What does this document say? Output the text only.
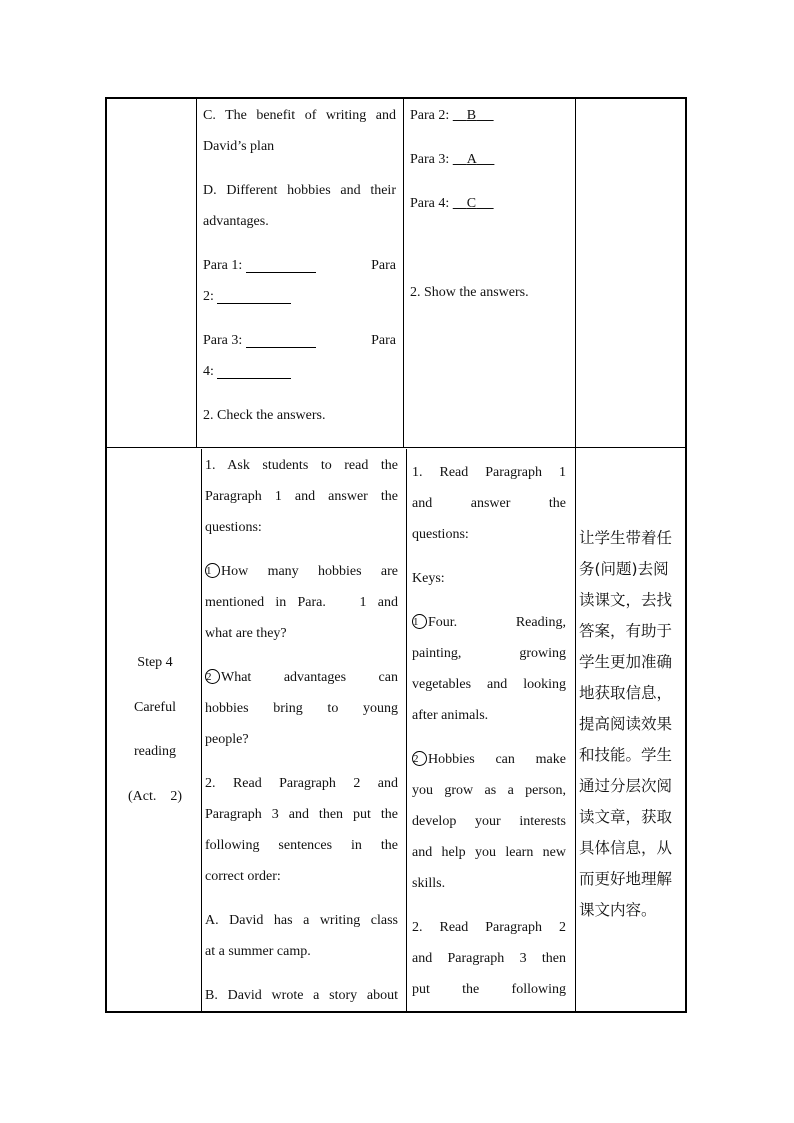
C. The benefit of writing and
David’s plan
D. Different hobbies and their
advantages.
Para 1:	Para
2:
Para 3:	Para
4:
2. Check the answers.
Para 2: B
Para 3: A
Para 4: C
2. Show the answers.
Step 4
Careful
reading
(Act.    2)
1. Ask students to read the
Paragraph 1 and answer the
questions:
1 How many hobbies are
mentioned in Para.   1 and
what are they?
2 What advantages can
hobbies bring to young
people?
2. Read Paragraph 2 and
Paragraph 3 and then put the
following sentences in the
correct order:
A. David has a writing class
at a summer camp.
B. David wrote a story about
1. Read Paragraph 1
and answer the
questions:
Keys:
1 Four. Reading,
painting, growing
vegetables and looking
after animals.
2 Hobbies can make
you grow as a person,
develop your interests
and help you learn new
skills.
2. Read Paragraph 2
and Paragraph 3 then
put the following
让学生带着任
务(问题)去阅
读课文，去找
答案，有助于
学生更加准确
地获取信息，
提高阅读效果
和技能。学生
通过分层次阅
读文章，获取
具体信息，从
而更好地理解
课文内容。
